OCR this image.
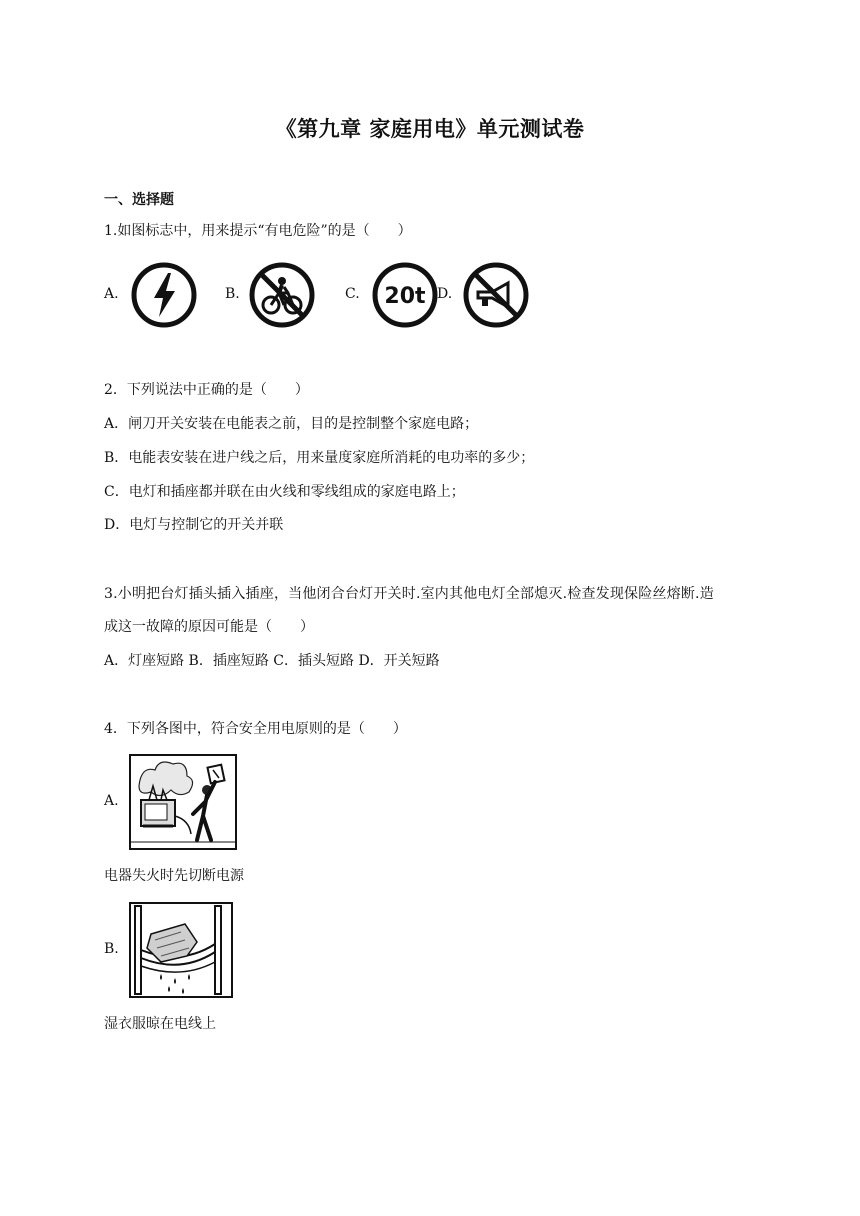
《第九章 家庭用电》单元测试卷
一、选择题
1.如图标志中，用来提示“有电危险”的是（　　）
A.	B.	C. 20t D.
2．下列说法中正确的是（　　）
A．闸刀开关安装在电能表之前，目的是控制整个家庭电路；
B．电能表安装在进户线之后，用来量度家庭所消耗的电功率的多少；
C．电灯和插座都并联在由火线和零线组成的家庭电路上；
D．电灯与控制它的开关并联
3.小明把台灯插头插入插座，当他闭合台灯开关时.室内其他电灯全部熄灭.检查发现保险丝熔断.造
成这一故障的原因可能是（　　）
A．灯座短路 B．插座短路 C．插头短路 D．开关短路
4．下列各图中，符合安全用电原则的是（　　）
A.
电器失火时先切断电源
B.
湿衣服晾在电线上
